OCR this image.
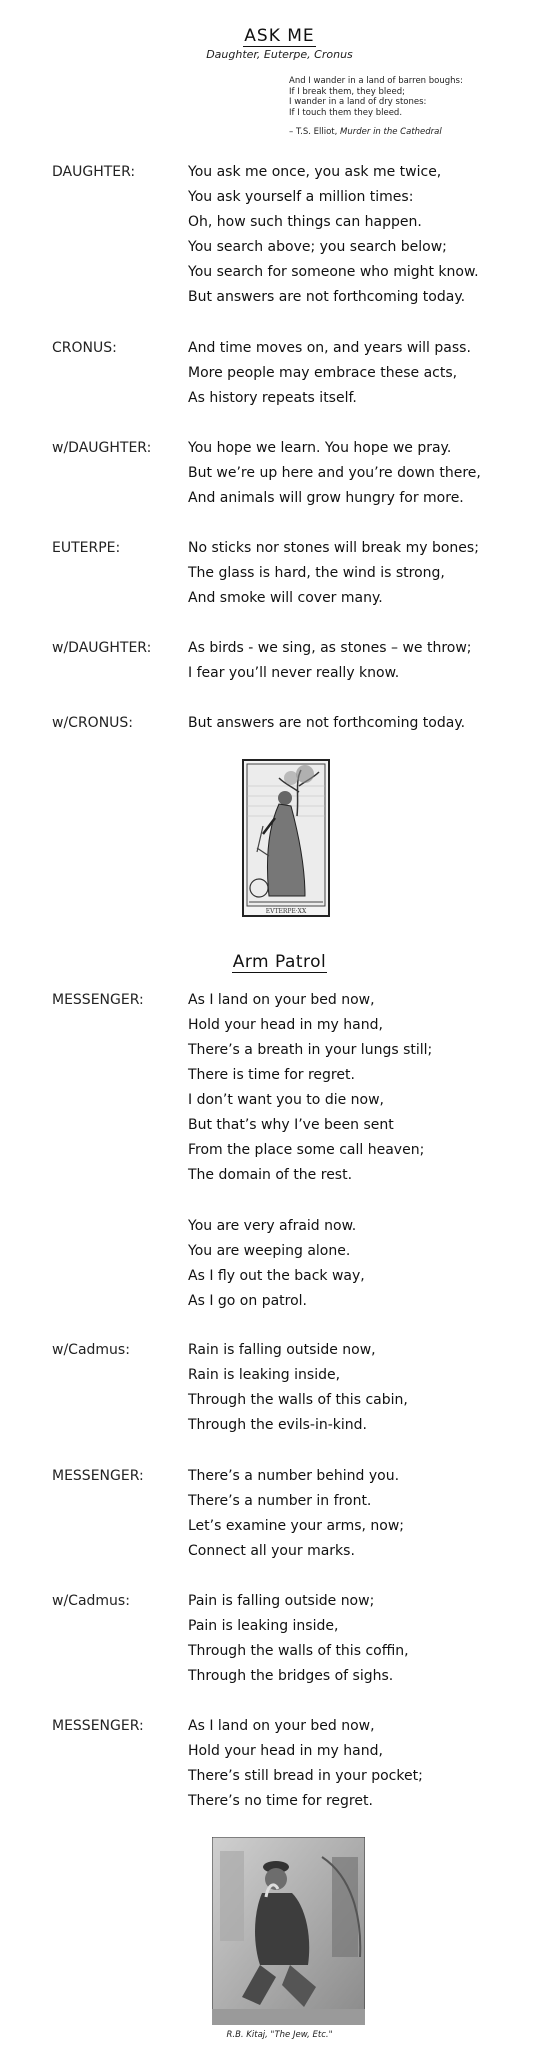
ASK ME
Daughter, Euterpe, Cronus
And I wander in a land of barren boughs:
If I break them, they bleed;
I wander in a land of dry stones:
If I touch them they bleed.
– T.S. Elliot, Murder in the Cathedral
DAUGHTER:	You ask me once, you ask me twice,
You ask yourself a million times:
Oh, how such things can happen.
You search above; you search below;
You search for someone who might know.
But answers are not forthcoming today.
CRONUS:	And time moves on, and years will pass.
More people may embrace these acts,
As history repeats itself.
w/DAUGHTER:	You hope we learn. You hope we pray.
But we’re up here and you’re down there,
And animals will grow hungry for more.
EUTERPE:	No sticks nor stones will break my bones;
The glass is hard, the wind is strong,
And smoke will cover many.
w/DAUGHTER:	As birds - we sing, as stones – we throw;
I fear you’ll never really know.
w/CRONUS:	But answers are not forthcoming today.
EVTERPE·XX
Arm Patrol
MESSENGER:	As I land on your bed now,
Hold your head in my hand,
There’s a breath in your lungs still;
There is time for regret.
I don’t want you to die now,
But that’s why I’ve been sent
From the place some call heaven;
The domain of the rest.
You are very afraid now.
You are weeping alone.
As I fly out the back way,
As I go on patrol.
w/Cadmus:	Rain is falling outside now,
Rain is leaking inside,
Through the walls of this cabin,
Through the evils-in-kind.
MESSENGER:	There’s a number behind you.
There’s a number in front.
Let’s examine your arms, now;
Connect all your marks.
w/Cadmus:	Pain is falling outside now;
Pain is leaking inside,
Through the walls of this coffin,
Through the bridges of sighs.
MESSENGER:	As I land on your bed now,
Hold your head in my hand,
There’s still bread in your pocket;
There’s no time for regret.
R.B. Kitaj, "The Jew, Etc."
